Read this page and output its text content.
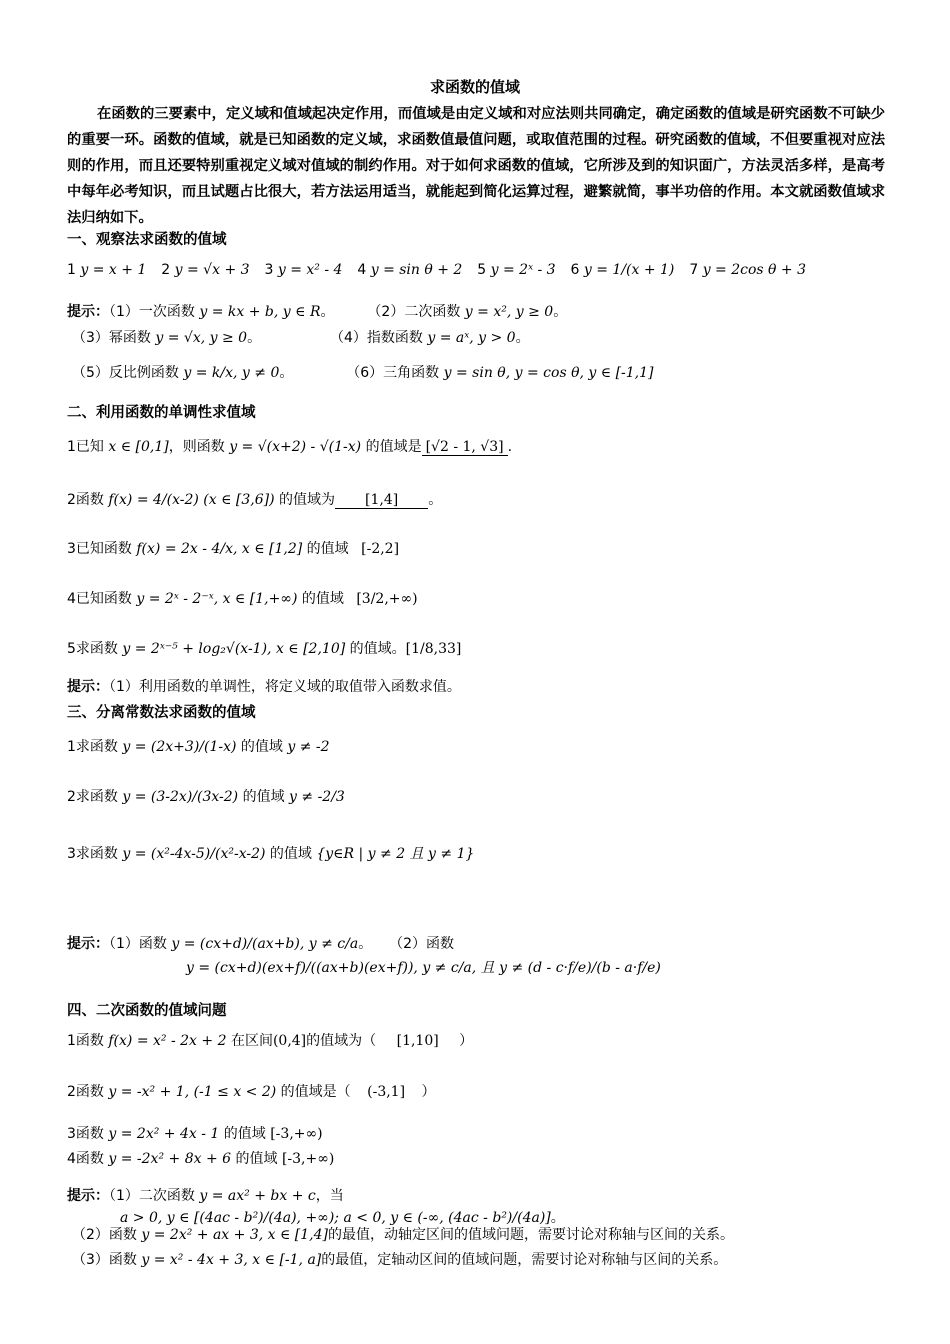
求函数的值域
在函数的三要素中，定义域和值域起决定作用，而值域是由定义域和对应法则共同确定，确定函数的值域是研究函数不可缺少的重要一环。函数的值域，就是已知函数的定义域，求函数值最值问题，或取值范围的过程。研究函数的值域，不但要重视对应法则的作用，而且还要特别重视定义域对值域的制约作用。对于如何求函数的值域，它所涉及到的知识面广，方法灵活多样，是高考中每年必考知识，而且试题占比很大，若方法运用适当，就能起到简化运算过程，避繁就简，事半功倍的作用。本文就函数值域求法归纳如下。
一、观察法求函数的值域
1 y = x + 1 2 y = √x + 3 3 y = x² - 4 4 y = sin θ + 2 5 y = 2ˣ - 3 6 y = 1/(x + 1) 7 y = 2cos θ + 3
提示：（1）一次函数 y = kx + b, y ∈ R。 （2）二次函数 y = x², y ≥ 0。
（3）幂函数 y = √x, y ≥ 0。	（4）指数函数 y = aˣ, y > 0。
（5）反比例函数 y = k/x, y ≠ 0。	（6）三角函数 y = sin θ, y = cos θ, y ∈ [-1,1]
二、利用函数的单调性求值域
1已知 x ∈ [0,1]，则函数 y = √(x+2) - √(1-x) 的值域是 [√2 - 1, √3] .
2函数 f(x) = 4/(x-2) (x ∈ [3,6]) 的值域为 [1,4] 。
3已知函数 f(x) = 2x - 4/x, x ∈ [1,2] 的值域 [-2,2]
4已知函数 y = 2ˣ - 2⁻ˣ, x ∈ [1,+∞) 的值域 [3/2,+∞)
5求函数 y = 2ˣ⁻⁵ + log₂√(x-1), x ∈ [2,10] 的值域。[1/8,33]
提示：（1）利用函数的单调性，将定义域的取值带入函数求值。
三、分离常数法求函数的值域
1求函数 y = (2x+3)/(1-x) 的值域 y ≠ -2
2求函数 y = (3-2x)/(3x-2) 的值域 y ≠ -2/3
3求函数 y = (x²-4x-5)/(x²-x-2) 的值域 {y∈R | y ≠ 2 且 y ≠ 1}
提示：（1）函数 y = (cx+d)/(ax+b), y ≠ c/a。 （2）函数
y = (cx+d)(ex+f)/((ax+b)(ex+f)), y ≠ c/a, 且 y ≠ (d - c·f/e)/(b - a·f/e)
四、二次函数的值域问题
1函数 f(x) = x² - 2x + 2 在区间(0,4]的值域为（ [1,10] ）
2函数 y = -x² + 1, (-1 ≤ x < 2) 的值域是（ (-3,1] ）
3函数 y = 2x² + 4x - 1 的值域 [-3,+∞)
4函数 y = -2x² + 8x + 6 的值域 [-3,+∞)
提示：（1）二次函数 y = ax² + bx + c，当
a > 0, y ∈ [(4ac - b²)/(4a), +∞); a < 0, y ∈ (-∞, (4ac - b²)/(4a)]。
（2）函数 y = 2x² + ax + 3, x ∈ [1,4]的最值，动轴定区间的值域问题，需要讨论对称轴与区间的关系。
（3）函数 y = x² - 4x + 3, x ∈ [-1, a]的最值，定轴动区间的值域问题，需要讨论对称轴与区间的关系。
